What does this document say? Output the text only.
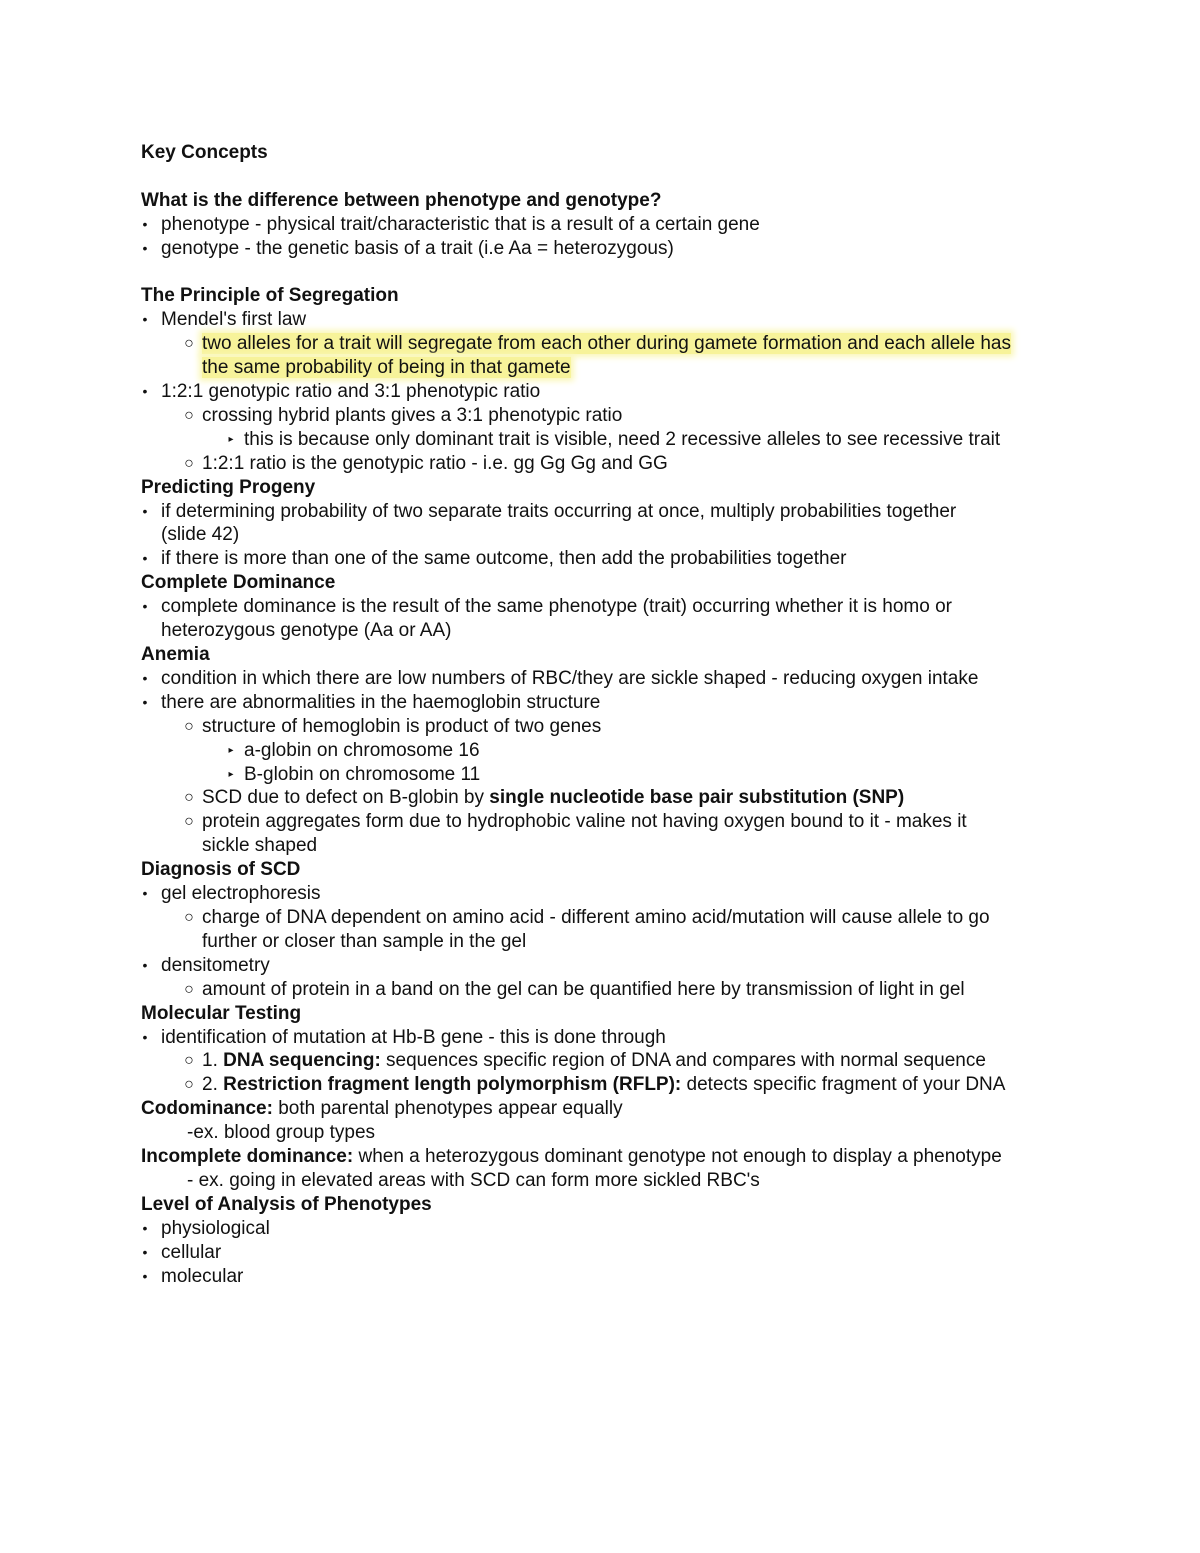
Key Concepts
What is the difference between phenotype and genotype?
• phenotype - physical trait/characteristic that is a result of a certain gene
• genotype - the genetic basis of a trait (i.e Aa = heterozygous)
The Principle of Segregation
• Mendel's first law
○ two alleles for a trait will segregate from each other during gamete formation and each allele has
the same probability of being in that gamete
• 1:2:1 genotypic ratio and 3:1 phenotypic ratio
○ crossing hybrid plants gives a 3:1 phenotypic ratio
▸ this is because only dominant trait is visible, need 2 recessive alleles to see recessive trait
○ 1:2:1 ratio is the genotypic ratio - i.e. gg Gg Gg and GG
Predicting Progeny
• if determining probability of two separate traits occurring at once, multiply probabilities together
(slide 42)
• if there is more than one of the same outcome, then add the probabilities together
Complete Dominance
• complete dominance is the result of the same phenotype (trait) occurring whether it is homo or
heterozygous genotype (Aa or AA)
Anemia
• condition in which there are low numbers of RBC/they are sickle shaped - reducing oxygen intake
• there are abnormalities in the haemoglobin structure
○ structure of hemoglobin is product of two genes
▸ a-globin on chromosome 16
▸ B-globin on chromosome 11
○ SCD due to defect on B-globin by single nucleotide base pair substitution (SNP)
○ protein aggregates form due to hydrophobic valine not having oxygen bound to it - makes it
sickle shaped
Diagnosis of SCD
• gel electrophoresis
○ charge of DNA dependent on amino acid - different amino acid/mutation will cause allele to go
further or closer than sample in the gel
• densitometry
○ amount of protein in a band on the gel can be quantified here by transmission of light in gel
Molecular Testing
• identification of mutation at Hb-B gene - this is done through
○ 1. DNA sequencing: sequences specific region of DNA and compares with normal sequence
○ 2. Restriction fragment length polymorphism (RFLP): detects specific fragment of your DNA
Codominance: both parental phenotypes appear equally
-ex. blood group types
Incomplete dominance: when a heterozygous dominant genotype not enough to display a phenotype
- ex. going in elevated areas with SCD can form more sickled RBC's
Level of Analysis of Phenotypes
• physiological
• cellular
• molecular
